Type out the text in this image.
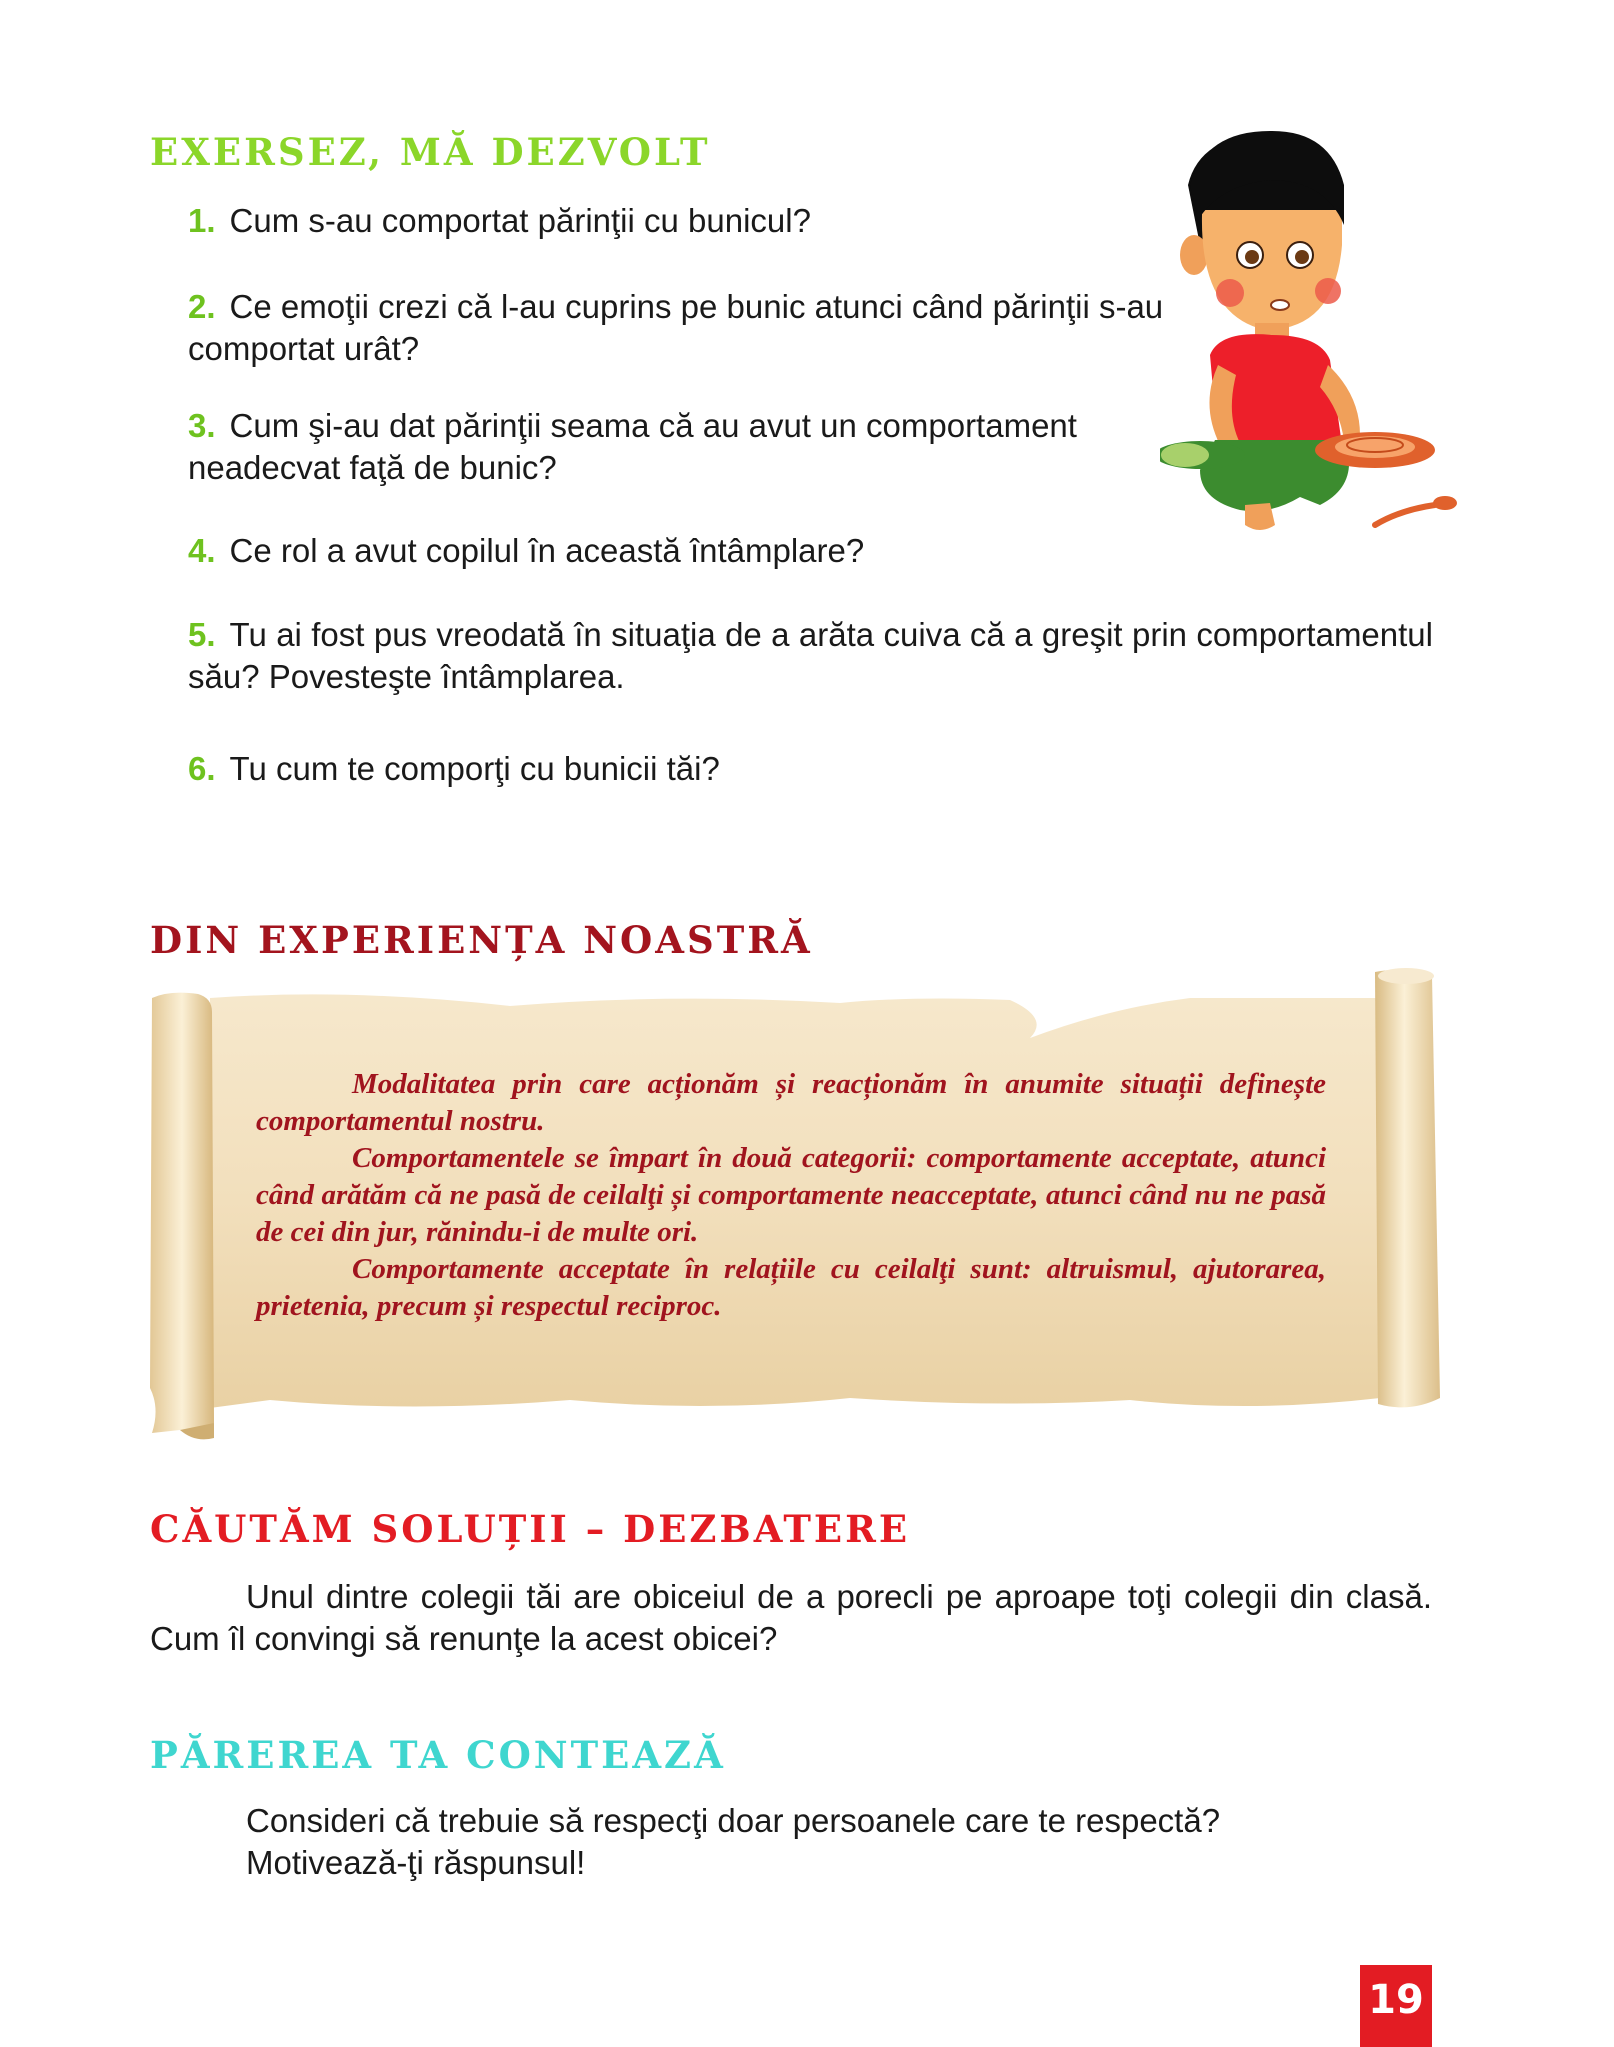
EXERSEZ, MĂ DEZVOLT

1. Cum s-au comportat părinţii cu bunicul?

2. Ce emoţii crezi că l-au cuprins pe bunic atunci când părinţii s-au comportat urât?

3. Cum şi-au dat părinţii seama că au avut un comportament neadecvat faţă de bunic?

4. Ce rol a avut copilul în această întâmplare?

5. Tu ai fost pus vreodată în situaţia de a arăta cuiva că a greşit prin comportamentul său? Povesteşte întâmplarea.

6. Tu cum te comporţi cu bunicii tăi?

DIN EXPERIENȚA NOASTRĂ

Modalitatea prin care acționăm și reacționăm în anumite situații definește comportamentul nostru.

Comportamentele se împart în două categorii: comportamente acceptate, atunci când arătăm că ne pasă de ceilalţi și comportamente neacceptate, atunci când nu ne pasă de cei din jur, rănindu-i de multe ori.

Comportamente acceptate în relațiile cu ceilalţi sunt: altruismul, ajutorarea, prietenia, precum și respectul reciproc.

CĂUTĂM SOLUȚII – DEZBATERE

Unul dintre colegii tăi are obiceiul de a porecli pe aproape toţi colegii din clasă. Cum îl convingi să renunţe la acest obicei?

PĂREREA TA CONTEAZĂ

Consideri că trebuie să respecţi doar persoanele care te respectă?

Motivează-ţi răspunsul!

19
